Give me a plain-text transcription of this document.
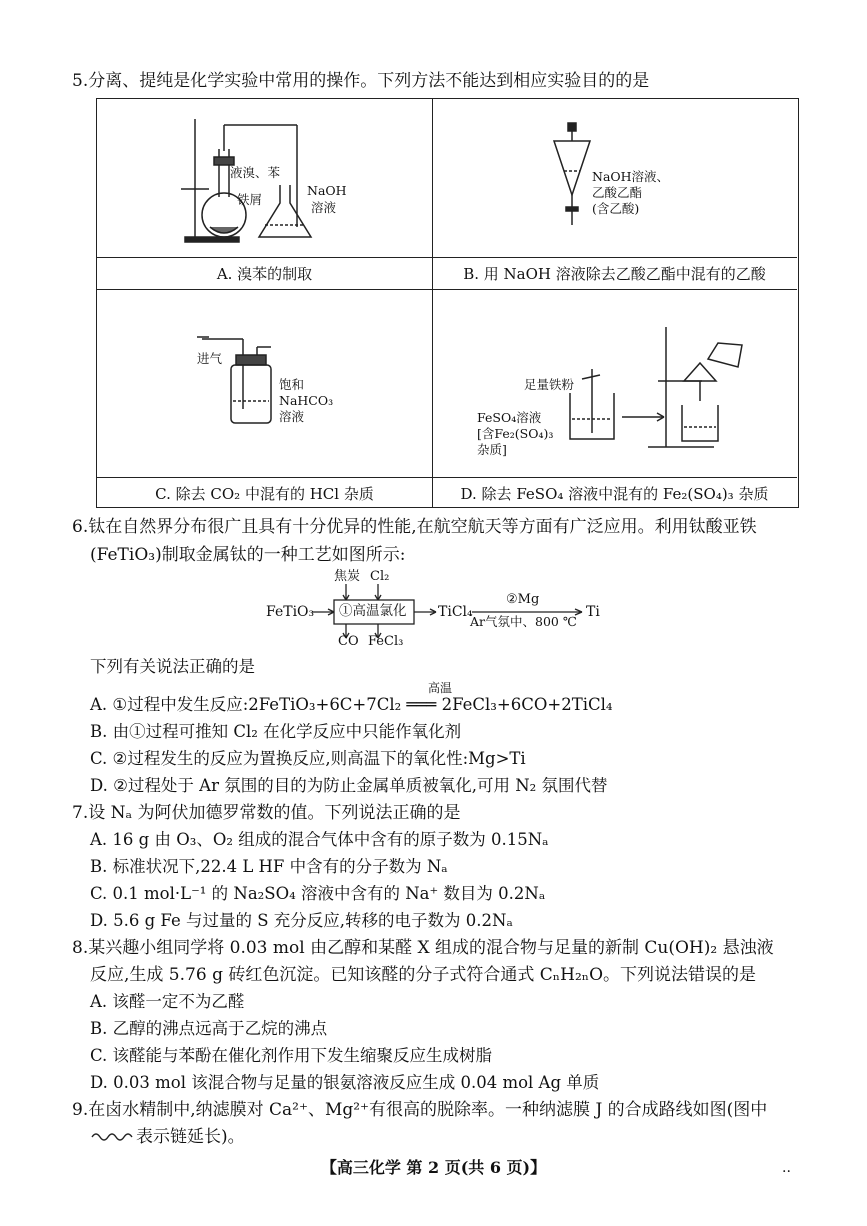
5.分离、提纯是化学实验中常用的操作。下列方法不能达到相应实验目的的是
液溴、苯
铁屑
NaOH
溶液
A. 溴苯的制取
NaOH溶液、
乙酸乙酯
(含乙酸)
B. 用 NaOH 溶液除去乙酸乙酯中混有的乙酸
进气
饱和
NaHCO₃
溶液
C. 除去 CO₂ 中混有的 HCl 杂质
足量铁粉
FeSO₄溶液
[含Fe₂(SO₄)₃
杂质]
D. 除去 FeSO₄ 溶液中混有的 Fe₂(SO₄)₃ 杂质
6.钛在自然界分布很广且具有十分优异的性能,在航空航天等方面有广泛应用。利用钛酸亚铁
(FeTiO₃)制取金属钛的一种工艺如图所示:
FeTiO₃
焦炭 Cl₂
①高温氯化
CO FeCl₃
TiCl₄
②Mg
Ar气氛中、800 ℃
Ti
下列有关说法正确的是
高温
A. ①过程中发生反应:2FeTiO₃+6C+7Cl₂ ═══ 2FeCl₃+6CO+2TiCl₄
B. 由①过程可推知 Cl₂ 在化学反应中只能作氧化剂
C. ②过程发生的反应为置换反应,则高温下的氧化性:Mg>Ti
D. ②过程处于 Ar 氛围的目的为防止金属单质被氧化,可用 N₂ 氛围代替
7.设 Nₐ 为阿伏加德罗常数的值。下列说法正确的是
A. 16 g 由 O₃、O₂ 组成的混合气体中含有的原子数为 0.15Nₐ
B. 标准状况下,22.4 L HF 中含有的分子数为 Nₐ
C. 0.1 mol·L⁻¹ 的 Na₂SO₄ 溶液中含有的 Na⁺ 数目为 0.2Nₐ
D. 5.6 g Fe 与过量的 S 充分反应,转移的电子数为 0.2Nₐ
8.某兴趣小组同学将 0.03 mol 由乙醇和某醛 X 组成的混合物与足量的新制 Cu(OH)₂ 悬浊液
反应,生成 5.76 g 砖红色沉淀。已知该醛的分子式符合通式 CₙH₂ₙO。下列说法错误的是
A. 该醛一定不为乙醛
B. 乙醇的沸点远高于乙烷的沸点
C. 该醛能与苯酚在催化剂作用下发生缩聚反应生成树脂
D. 0.03 mol 该混合物与足量的银氨溶液反应生成 0.04 mol Ag 单质
9.在卤水精制中,纳滤膜对 Ca²⁺、Mg²⁺有很高的脱除率。一种纳滤膜 J 的合成路线如图(图中
表示链延长)。
【高三化学 第 2 页(共 6 页)】	..
